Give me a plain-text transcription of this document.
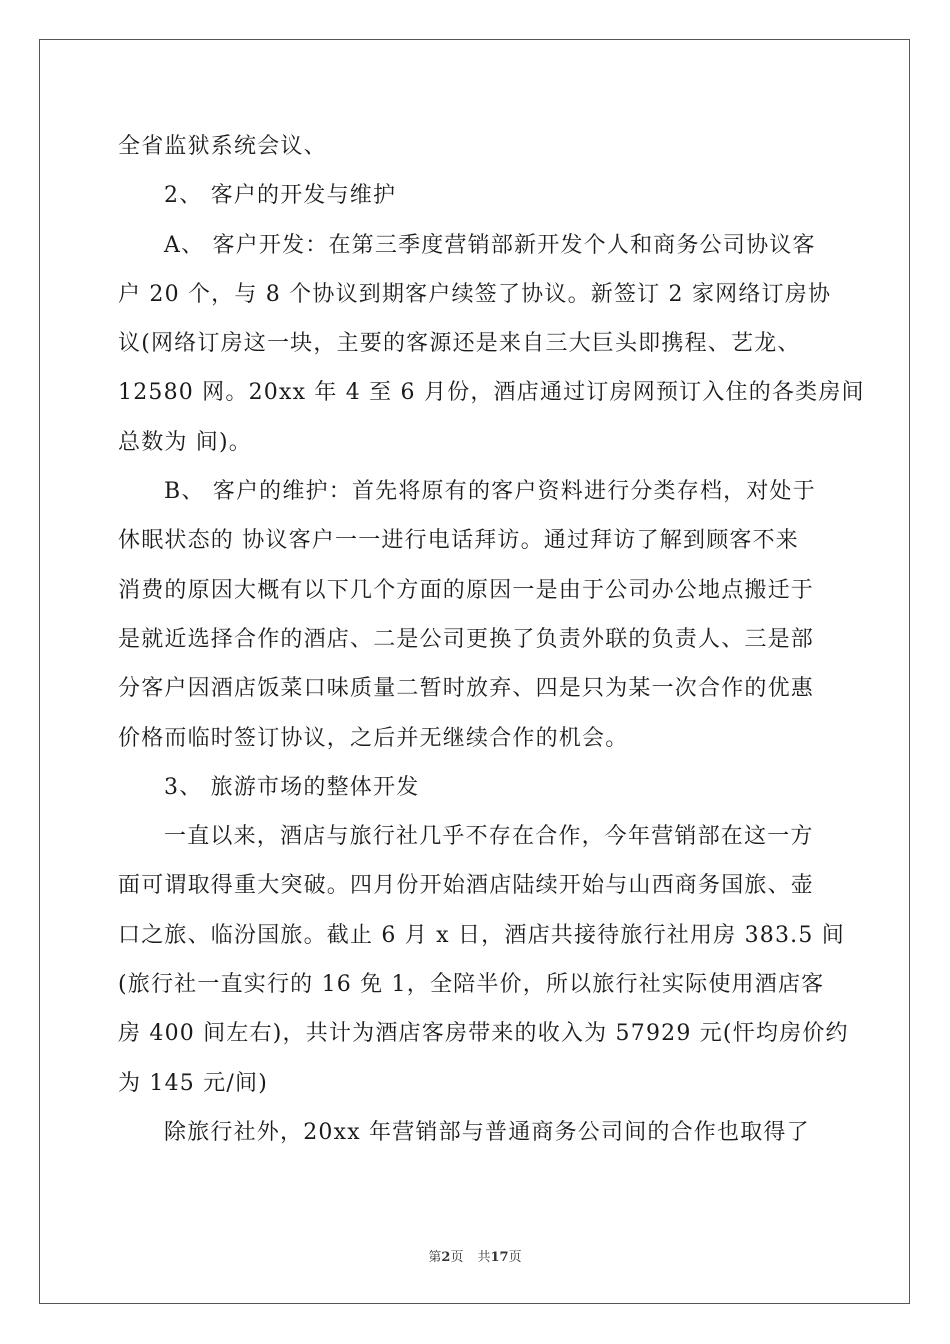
全省监狱系统会议、
2、 客户的开发与维护
A、 客户开发：在第三季度营销部新开发个人和商务公司协议客
户 20 个，与 8 个协议到期客户续签了协议。新签订 2 家网络订房协
议(网络订房这一块，主要的客源还是来自三大巨头即携程、艺龙、
12580 网。20xx 年 4 至 6 月份，酒店通过订房网预订入住的各类房间
总数为 间)。
B、 客户的维护：首先将原有的客户资料进行分类存档，对处于
休眠状态的 协议客户一一进行电话拜访。通过拜访了解到顾客不来
消费的原因大概有以下几个方面的原因一是由于公司办公地点搬迁于
是就近选择合作的酒店、二是公司更换了负责外联的负责人、三是部
分客户因酒店饭菜口味质量二暂时放弃、四是只为某一次合作的优惠
价格而临时签订协议，之后并无继续合作的机会。
3、 旅游市场的整体开发
一直以来，酒店与旅行社几乎不存在合作，今年营销部在这一方
面可谓取得重大突破。四月份开始酒店陆续开始与山西商务国旅、壶
口之旅、临汾国旅。截止 6 月 x 日，酒店共接待旅行社用房 383.5 间
(旅行社一直实行的 16 免 1，全陪半价，所以旅行社实际使用酒店客
房 400 间左右)，共计为酒店客房带来的收入为 57929 元(忓均房价约
为 145 元/间)
除旅行社外，20xx 年营销部与普通商务公司间的合作也取得了
第2页 共17页
